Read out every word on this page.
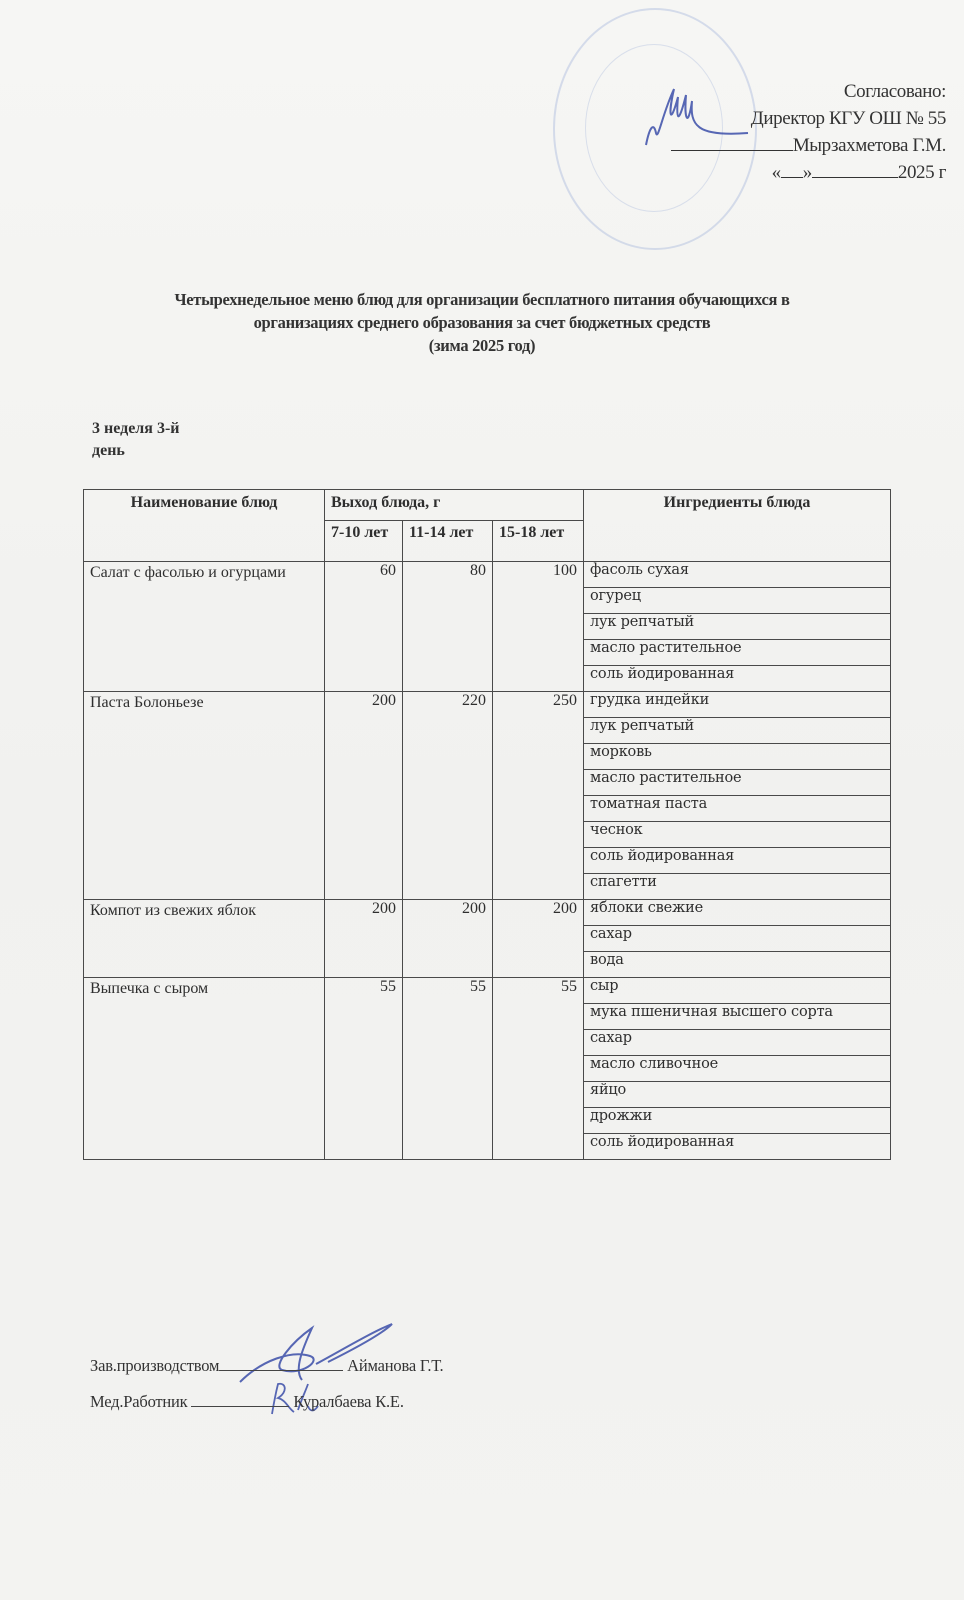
Согласовано:
Директор КГУ ОШ № 55
Мырзахметова Г.М.
« »	2025 г
Четырехнедельное меню блюд для организации бесплатного питания обучающихся в
организациях среднего образования за счет бюджетных средств
(зима 2025 год)
3 неделя 3-й
день
Наименование блюд	Выход блюда, г			Ингредиенты блюда
	7-10 лет	11-14 лет	15-18 лет	
Салат с фасолью и огурцами	60	80	100	фасоль сухая
				огурец
				лук репчатый
				масло растительное
				соль йодированная
Паста Болоньезе	200	220	250	грудка индейки
				лук репчатый
				морковь
				масло растительное
				томатная паста
				чеснок
				соль йодированная
				спагетти
Компот из свежих яблок	200	200	200	яблоки свежие
				сахар
				вода
Выпечка с сыром	55	55	55	сыр
				мука пшеничная высшего сорта
				сахар
				масло сливочное
				яйцо
				дрожжи
				соль йодированная
Зав.производством	Айманова Г.Т.
Мед.Работник	Куралбаева К.Е.
